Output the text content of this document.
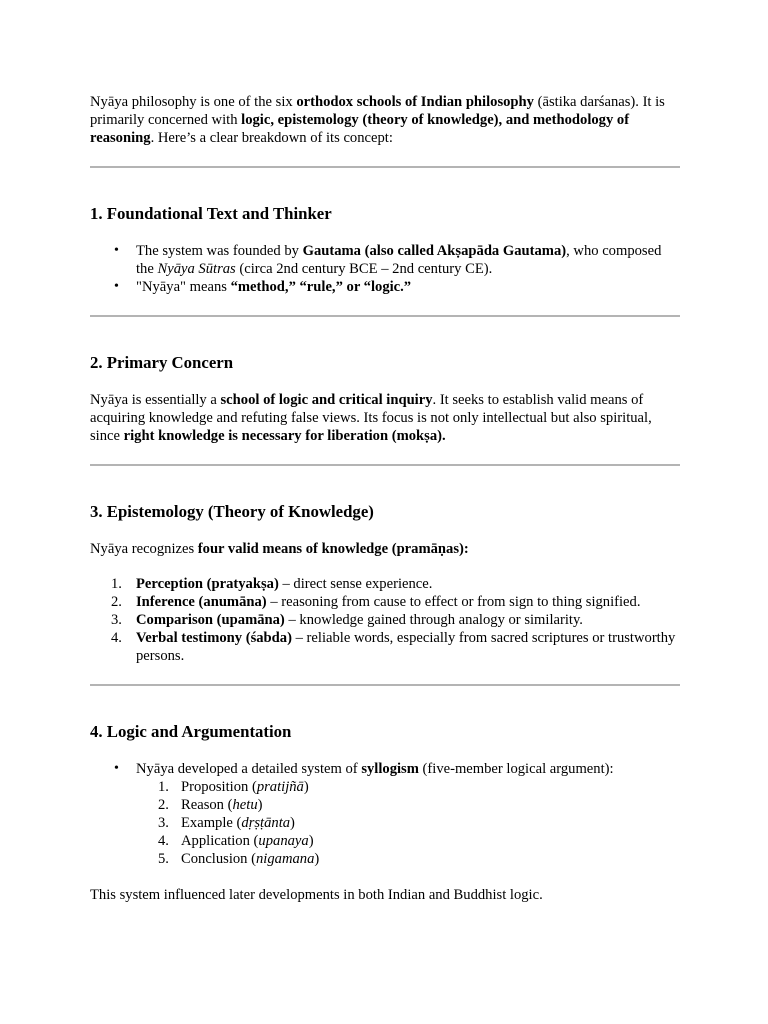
Nyāya philosophy is one of the six orthodox schools of Indian philosophy (āstika darśanas). It is primarily concerned with logic, epistemology (theory of knowledge), and methodology of reasoning. Here’s a clear breakdown of its concept:

1. Foundational Text and Thinker
• The system was founded by Gautama (also called Akṣapāda Gautama), who composed the Nyāya Sūtras (circa 2nd century BCE – 2nd century CE).
• "Nyāya" means “method,” “rule,” or “logic.”
2. Primary Concern

Nyāya is essentially a school of logic and critical inquiry. It seeks to establish valid means of acquiring knowledge and refuting false views. Its focus is not only intellectual but also spiritual, since right knowledge is necessary for liberation (mokṣa).

3. Epistemology (Theory of Knowledge)

Nyāya recognizes four valid means of knowledge (pramāṇas):

1. Perception (pratyakṣa) – direct sense experience.
2. Inference (anumāna) – reasoning from cause to effect or from sign to thing signified.
3. Comparison (upamāna) – knowledge gained through analogy or similarity.
4. Verbal testimony (śabda) – reliable words, especially from sacred scriptures or trustworthy persons.
4. Logic and Argumentation
• Nyāya developed a detailed system of syllogism (five-member logical argument):
1. Proposition (pratijñā)
2. Reason (hetu)
3. Example (dṛṣṭānta)
4. Application (upanaya)
5. Conclusion (nigamana)

This system influenced later developments in both Indian and Buddhist logic.
